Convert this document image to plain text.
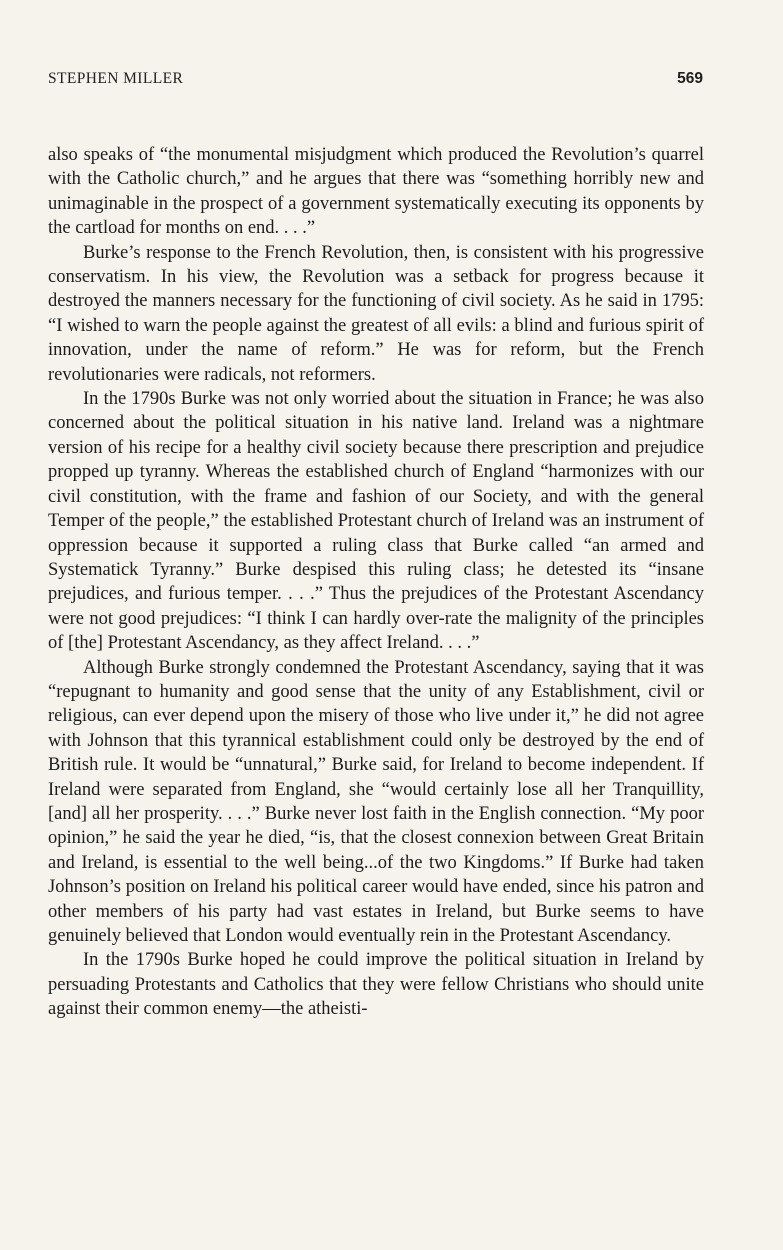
STEPHEN MILLER	569

also speaks of “the monumental misjudgment which produced the Revolution’s quarrel with the Catholic church,” and he argues that there was “something horribly new and unimaginable in the prospect of a government systematically executing its opponents by the cartload for months on end. . . .”

Burke’s response to the French Revolution, then, is consistent with his progressive conservatism. In his view, the Revolution was a setback for progress because it destroyed the manners necessary for the functioning of civil society. As he said in 1795: “I wished to warn the people against the greatest of all evils: a blind and furious spirit of innovation, under the name of reform.” He was for reform, but the French revolutionaries were radicals, not reformers.

In the 1790s Burke was not only worried about the situation in France; he was also concerned about the political situation in his native land. Ireland was a nightmare version of his recipe for a healthy civil society because there prescription and prejudice propped up tyranny. Whereas the established church of England “harmonizes with our civil constitution, with the frame and fashion of our Society, and with the general Temper of the people,” the established Protestant church of Ireland was an instrument of oppression because it supported a ruling class that Burke called “an armed and Systematick Tyranny.” Burke despised this ruling class; he detested its “insane prejudices, and furious temper. . . .” Thus the prejudices of the Protestant Ascendancy were not good prejudices: “I think I can hardly over-rate the malignity of the principles of [the] Protestant Ascendancy, as they affect Ireland. . . .”

Although Burke strongly condemned the Protestant Ascendancy, saying that it was “repugnant to humanity and good sense that the unity of any Establishment, civil or religious, can ever depend upon the misery of those who live under it,” he did not agree with Johnson that this tyrannical establishment could only be destroyed by the end of British rule. It would be “unnatural,” Burke said, for Ireland to become independent. If Ireland were separated from England, she “would certainly lose all her Tranquillity, [and] all her prosperity. . . .” Burke never lost faith in the English connection. “My poor opinion,” he said the year he died, “is, that the closest connexion between Great Britain and Ireland, is essential to the well being...of the two Kingdoms.” If Burke had taken Johnson’s position on Ireland his political career would have ended, since his patron and other members of his party had vast estates in Ireland, but Burke seems to have genuinely believed that London would eventually rein in the Protestant Ascendancy.

In the 1790s Burke hoped he could improve the political situation in Ireland by persuading Protestants and Catholics that they were fellow Christians who should unite against their common enemy—the atheisti-
